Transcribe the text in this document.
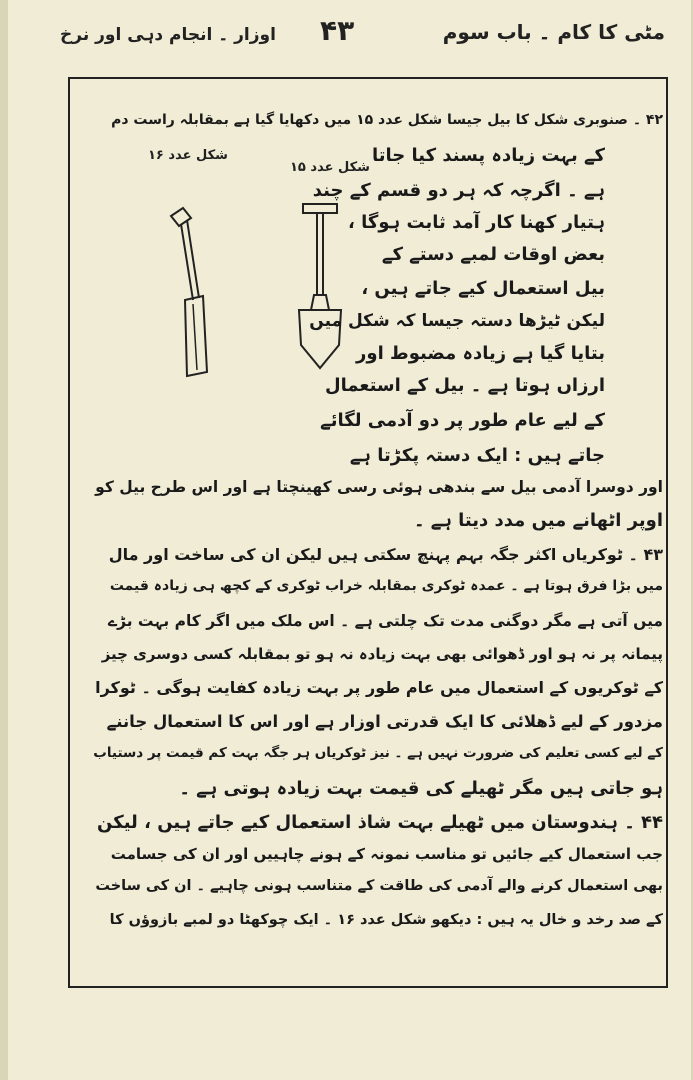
مٹی کا کام ۔ باب سوم
۴۳
اوزار ۔ انجام دہی اور نرخ
شکل عدد ۱۵
شکل عدد ۱۶
۴۲ ۔ صنوبری شکل کا بیل جیسا شکل عدد ۱۵ میں دکھایا گیا ہے بمقابلہ راست دم
کے بہت زیادہ پسند کیا جاتا
ہے ۔ اگرچہ کہ ہر دو قسم کے چند
ہتیار کھنا کار آمد ثابت ہوگا ،
بعض اوقات لمبے دستے کے
بیل استعمال کیے جاتے ہیں ،
لیکن ٹیڑھا دستہ جیسا کہ شکل میں
بتایا گیا ہے زیادہ مضبوط اور
ارزاں ہوتا ہے ۔ بیل کے استعمال
کے لیے عام طور پر دو آدمی لگائے
جاتے ہیں : ایک دستہ پکڑتا ہے
اور دوسرا آدمی بیل سے بندھی ہوئی رسی کھینچتا ہے اور اس طرح بیل کو
اوپر اٹھانے میں مدد دیتا ہے ۔
۴۳ ۔ ٹوکریاں اکثر جگہ بہم پہنچ سکتی ہیں لیکن ان کی ساخت اور مال
میں بڑا فرق ہوتا ہے ۔ عمدہ ٹوکری بمقابلہ خراب ٹوکری کے کچھ ہی زیادہ قیمت
میں آتی ہے مگر دوگنی مدت تک چلتی ہے ۔ اس ملک میں اگر کام بہت بڑے
پیمانہ پر نہ ہو اور ڈھوائی بھی بہت زیادہ نہ ہو تو بمقابلہ کسی دوسری چیز
کے ٹوکریوں کے استعمال میں عام طور پر بہت زیادہ کفایت ہوگی ۔ ٹوکرا
مزدور کے لیے ڈھلائی کا ایک قدرتی اوزار ہے اور اس کا استعمال جاننے
کے لیے کسی تعلیم کی ضرورت نہیں ہے ۔ نیز ٹوکریاں ہر جگہ بہت کم قیمت پر دستیاب
ہو جاتی ہیں مگر ٹھیلے کی قیمت بہت زیادہ ہوتی ہے ۔
۴۴ ۔ ہندوستان میں ٹھیلے بہت شاذ استعمال کیے جاتے ہیں ، لیکن
جب استعمال کیے جائیں تو مناسب نمونہ کے ہونے چاہییں اور ان کی جسامت
بھی استعمال کرنے والے آدمی کی طاقت کے متناسب ہونی چاہیے ۔ ان کی ساخت
کے صد رخد و خال یہ ہیں : دیکھو شکل عدد ۱۶ ۔ ایک چوکھٹا دو لمبے بازوؤں کا
